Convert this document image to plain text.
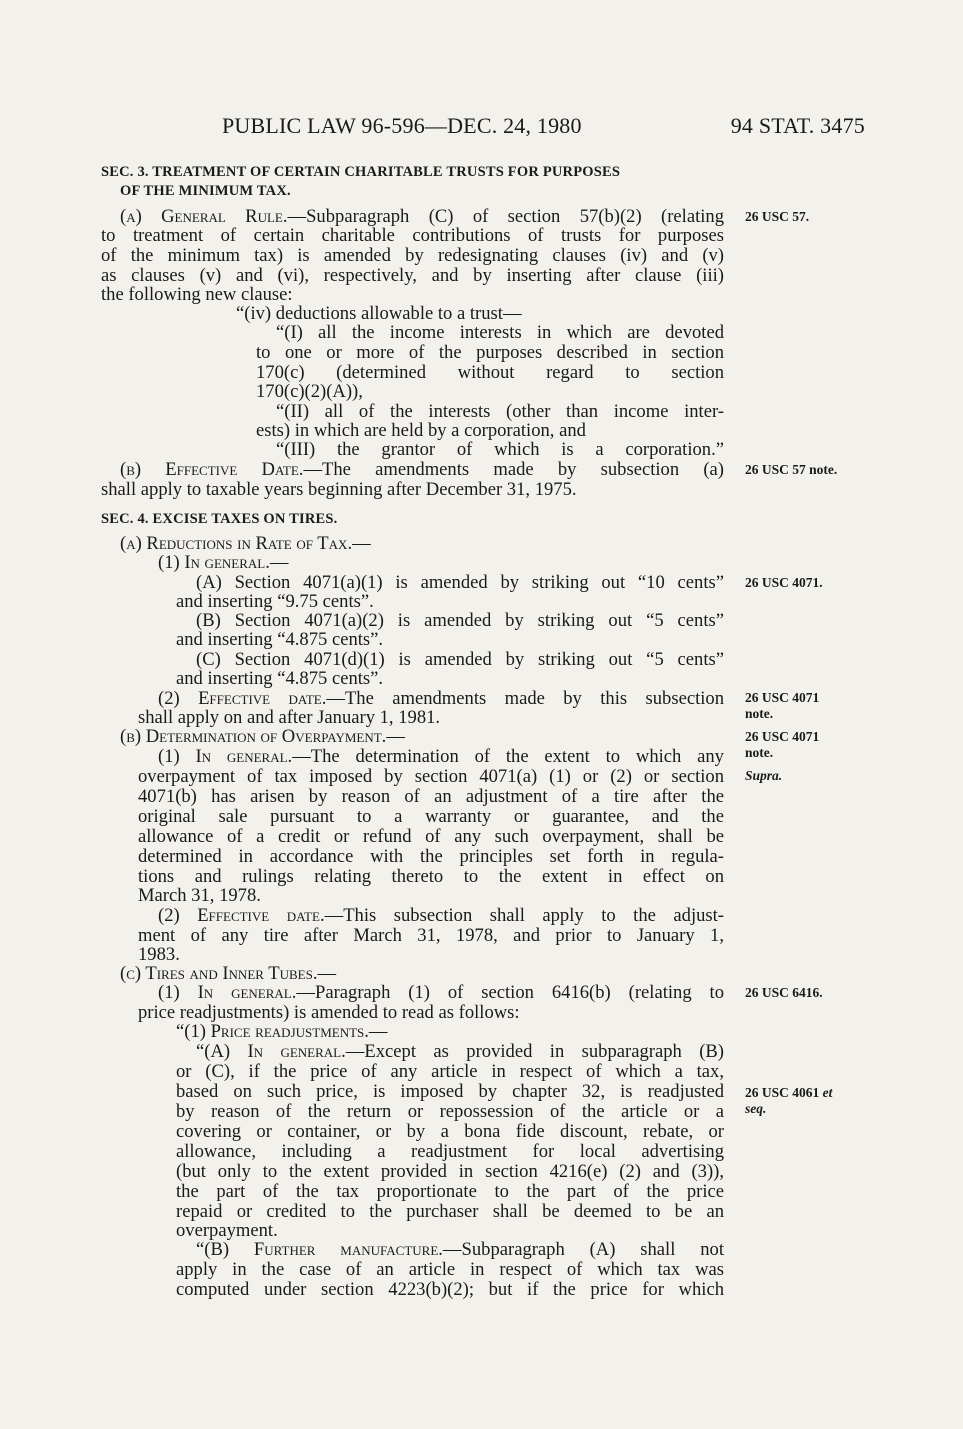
PUBLIC LAW 96-596—DEC. 24, 1980	94 STAT. 3475
SEC. 3. TREATMENT OF CERTAIN CHARITABLE TRUSTS FOR PURPOSES
OF THE MINIMUM TAX.
(a) General Rule.—Subparagraph (C) of section 57(b)(2) (relating
to treatment of certain charitable contributions of trusts for purposes
of the minimum tax) is amended by redesignating clauses (iv) and (v)
as clauses (v) and (vi), respectively, and by inserting after clause (iii)
the following new clause:
“(iv) deductions allowable to a trust—
“(I) all the income interests in which are devoted
to one or more of the purposes described in section
170(c) (determined without regard to section
170(c)(2)(A)),
“(II) all of the interests (other than income inter-
ests) in which are held by a corporation, and
“(III) the grantor of which is a corporation.”
(b) Effective Date.—The amendments made by subsection (a)
shall apply to taxable years beginning after December 31, 1975.
SEC. 4. EXCISE TAXES ON TIRES.
(a) Reductions in Rate of Tax.—
(1) In general.—
(A) Section 4071(a)(1) is amended by striking out “10 cents”
and inserting “9.75 cents”.
(B) Section 4071(a)(2) is amended by striking out “5 cents”
and inserting “4.875 cents”.
(C) Section 4071(d)(1) is amended by striking out “5 cents”
and inserting “4.875 cents”.
(2) Effective date.—The amendments made by this subsection
shall apply on and after January 1, 1981.
(b) Determination of Overpayment.—
(1) In general.—The determination of the extent to which any
overpayment of tax imposed by section 4071(a) (1) or (2) or section
4071(b) has arisen by reason of an adjustment of a tire after the
original sale pursuant to a warranty or guarantee, and the
allowance of a credit or refund of any such overpayment, shall be
determined in accordance with the principles set forth in regula-
tions and rulings relating thereto to the extent in effect on
March 31, 1978.
(2) Effective date.—This subsection shall apply to the adjust-
ment of any tire after March 31, 1978, and prior to January 1,
1983.
(c) Tires and Inner Tubes.—
(1) In general.—Paragraph (1) of section 6416(b) (relating to
price readjustments) is amended to read as follows:
“(1) Price readjustments.—
“(A) In general.—Except as provided in subparagraph (B)
or (C), if the price of any article in respect of which a tax,
based on such price, is imposed by chapter 32, is readjusted
by reason of the return or repossession of the article or a
covering or container, or by a bona fide discount, rebate, or
allowance, including a readjustment for local advertising
(but only to the extent provided in section 4216(e) (2) and (3)),
the part of the tax proportionate to the part of the price
repaid or credited to the purchaser shall be deemed to be an
overpayment.
“(B) Further manufacture.—Subparagraph (A) shall not
apply in the case of an article in respect of which tax was
computed under section 4223(b)(2); but if the price for which
26 USC 57.
26 USC 57 note.
26 USC 4071.
26 USC 4071
note.
26 USC 4071
note.
Supra.
26 USC 6416.
26 USC 4061 et
seq.
